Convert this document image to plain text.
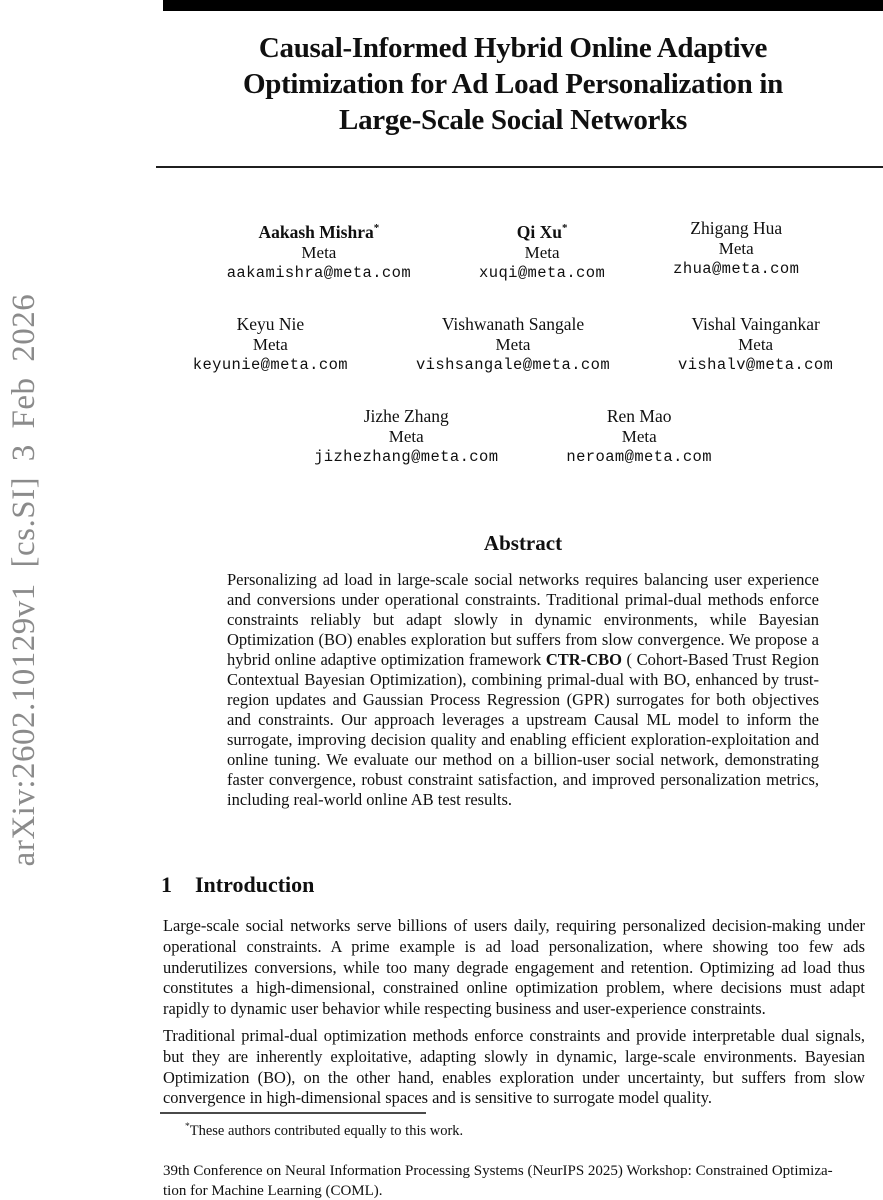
arXiv:2602.10129v1 [cs.SI] 3 Feb 2026
Causal-Informed Hybrid Online Adaptive
Optimization for Ad Load Personalization in
Large-Scale Social Networks
Aakash Mishra*
Meta
aakamishra@meta.com
Qi Xu*
Meta
xuqi@meta.com
Zhigang Hua
Meta
zhua@meta.com
Keyu Nie
Meta
keyunie@meta.com
Vishwanath Sangale
Meta
vishsangale@meta.com
Vishal Vaingankar
Meta
vishalv@meta.com
Jizhe Zhang
Meta
jizhezhang@meta.com
Ren Mao
Meta
neroam@meta.com
Abstract

Personalizing ad load in large-scale social networks requires balancing user experience and conversions under operational constraints. Traditional primal-dual methods enforce constraints reliably but adapt slowly in dynamic environments, while Bayesian Optimization (BO) enables exploration but suffers from slow convergence. We propose a hybrid online adaptive optimization framework CTR-CBO ( Cohort-Based Trust Region Contextual Bayesian Optimization), combining primal-dual with BO, enhanced by trust-region updates and Gaussian Process Regression (GPR) surrogates for both objectives and constraints. Our approach leverages a upstream Causal ML model to inform the surrogate, improving decision quality and enabling efficient exploration-exploitation and online tuning. We evaluate our method on a billion-user social network, demonstrating faster convergence, robust constraint satisfaction, and improved personalization metrics, including real-world online AB test results.

1 Introduction

Large-scale social networks serve billions of users daily, requiring personalized decision-making under operational constraints. A prime example is ad load personalization, where showing too few ads underutilizes conversions, while too many degrade engagement and retention. Optimizing ad load thus constitutes a high-dimensional, constrained online optimization problem, where decisions must adapt rapidly to dynamic user behavior while respecting business and user-experience constraints.

Traditional primal-dual optimization methods enforce constraints and provide interpretable dual signals, but they are inherently exploitative, adapting slowly in dynamic, large-scale environments. Bayesian Optimization (BO), on the other hand, enables exploration under uncertainty, but suffers from slow convergence in high-dimensional spaces and is sensitive to surrogate model quality.

*These authors contributed equally to this work.

39th Conference on Neural Information Processing Systems (NeurIPS 2025) Workshop: Constrained Optimiza-
tion for Machine Learning (COML).
